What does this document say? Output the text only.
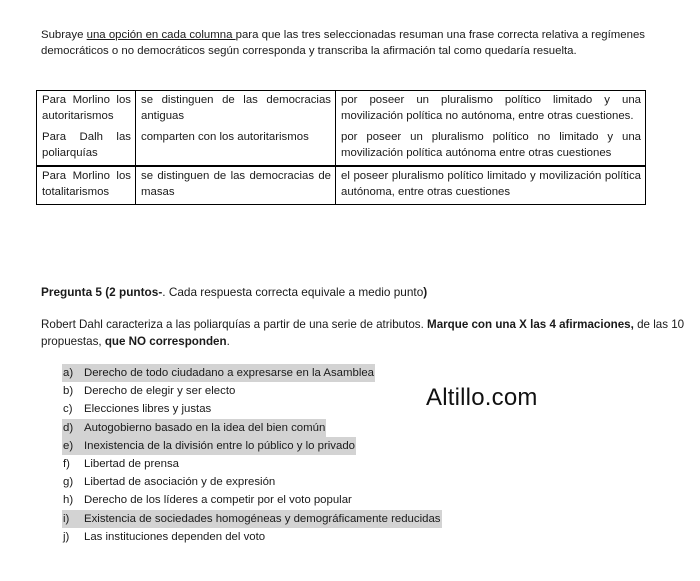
Subraye una opción en cada columna para que las tres seleccionadas resuman una frase correcta relativa a regímenes democráticos o no democráticos según corresponda y transcriba la afirmación tal como quedaría resuelta.

Para Morlino los autoritarismos	se distinguen de las democracias antiguas	por poseer un pluralismo político limitado y una movilización política no autónoma, entre otras cuestiones.
Para Dalh las poliarquías	comparten con los autoritarismos	por poseer un pluralismo político no limitado y una movilización política autónoma entre otras cuestiones
Para Morlino los totalitarismos	se distinguen de las democracias de masas	el poseer pluralismo político limitado y movilización política autónoma, entre otras cuestiones
Pregunta 5 (2 puntos-. Cada respuesta correcta equivale a medio punto)

Robert Dahl caracteriza a las poliarquías a partir de una serie de atributos. Marque con una X las 4 afirmaciones, de las 10 propuestas, que NO corresponden.

a) Derecho de todo ciudadano a expresarse en la Asamblea
b) Derecho de elegir y ser electo
c) Elecciones libres y justas
d) Autogobierno basado en la idea del bien común
e) Inexistencia de la división entre lo público y lo privado
f) Libertad de prensa
g) Libertad de asociación y de expresión
h) Derecho de los líderes a competir por el voto popular
i) Existencia de sociedades homogéneas y demográficamente reducidas
j) Las instituciones dependen del voto
Altillo.com
